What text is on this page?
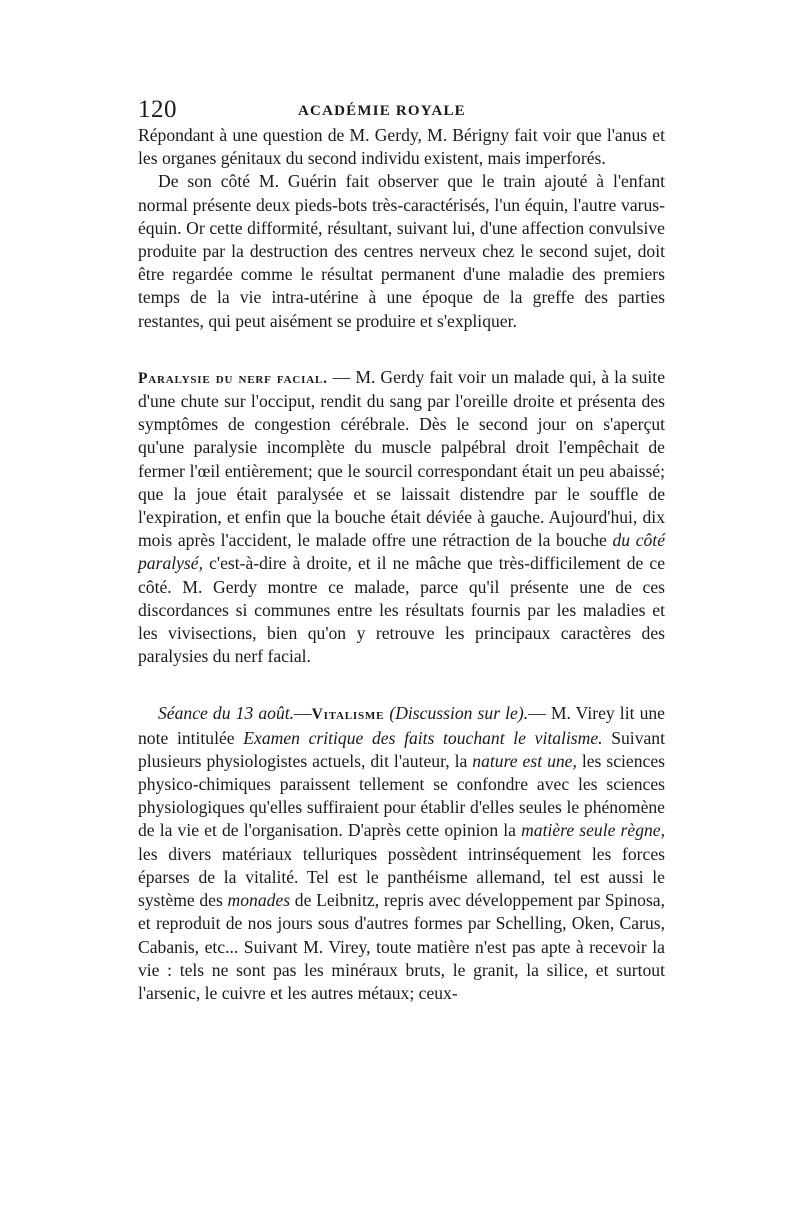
120	ACADÉMIE ROYALE

Répondant à une question de M. Gerdy, M. Bérigny fait voir que l'anus et les organes génitaux du second individu existent, mais imperforés.

De son côté M. Guérin fait observer que le train ajouté à l'enfant normal présente deux pieds-bots très-caractérisés, l'un équin, l'autre varus-équin. Or cette difformité, résultant, suivant lui, d'une affection convulsive produite par la destruction des centres nerveux chez le second sujet, doit être regardée comme le résultat permanent d'une maladie des premiers temps de la vie intra-utérine à une époque de la greffe des parties restantes, qui peut aisément se produire et s'expliquer.

Paralysie du nerf facial. — M. Gerdy fait voir un malade qui, à la suite d'une chute sur l'occiput, rendit du sang par l'oreille droite et présenta des symptômes de congestion cérébrale. Dès le second jour on s'aperçut qu'une paralysie incomplète du muscle palpébral droit l'empêchait de fermer l'œil entièrement; que le sourcil correspondant était un peu abaissé; que la joue était paralysée et se laissait distendre par le souffle de l'expiration, et enfin que la bouche était déviée à gauche. Aujourd'hui, dix mois après l'accident, le malade offre une rétraction de la bouche du côté paralysé, c'est-à-dire à droite, et il ne mâche que très-difficilement de ce côté. M. Gerdy montre ce malade, parce qu'il présente une de ces discordances si communes entre les résultats fournis par les maladies et les vivisections, bien qu'on y retrouve les principaux caractères des paralysies du nerf facial.

Séance du 13 août.—Vitalisme (Discussion sur le).— M. Virey lit une note intitulée Examen critique des faits touchant le vitalisme. Suivant plusieurs physiologistes actuels, dit l'auteur, la nature est une, les sciences physico-chimiques paraissent tellement se confondre avec les sciences physiologiques qu'elles suffiraient pour établir d'elles seules le phénomène de la vie et de l'organisation. D'après cette opinion la matière seule règne, les divers matériaux telluriques possèdent intrinséquement les forces éparses de la vitalité. Tel est le panthéisme allemand, tel est aussi le système des monades de Leibnitz, repris avec développement par Spinosa, et reproduit de nos jours sous d'autres formes par Schelling, Oken, Carus, Cabanis, etc... Suivant M. Virey, toute matière n'est pas apte à recevoir la vie : tels ne sont pas les minéraux bruts, le granit, la silice, et surtout l'arsenic, le cuivre et les autres métaux; ceux-
